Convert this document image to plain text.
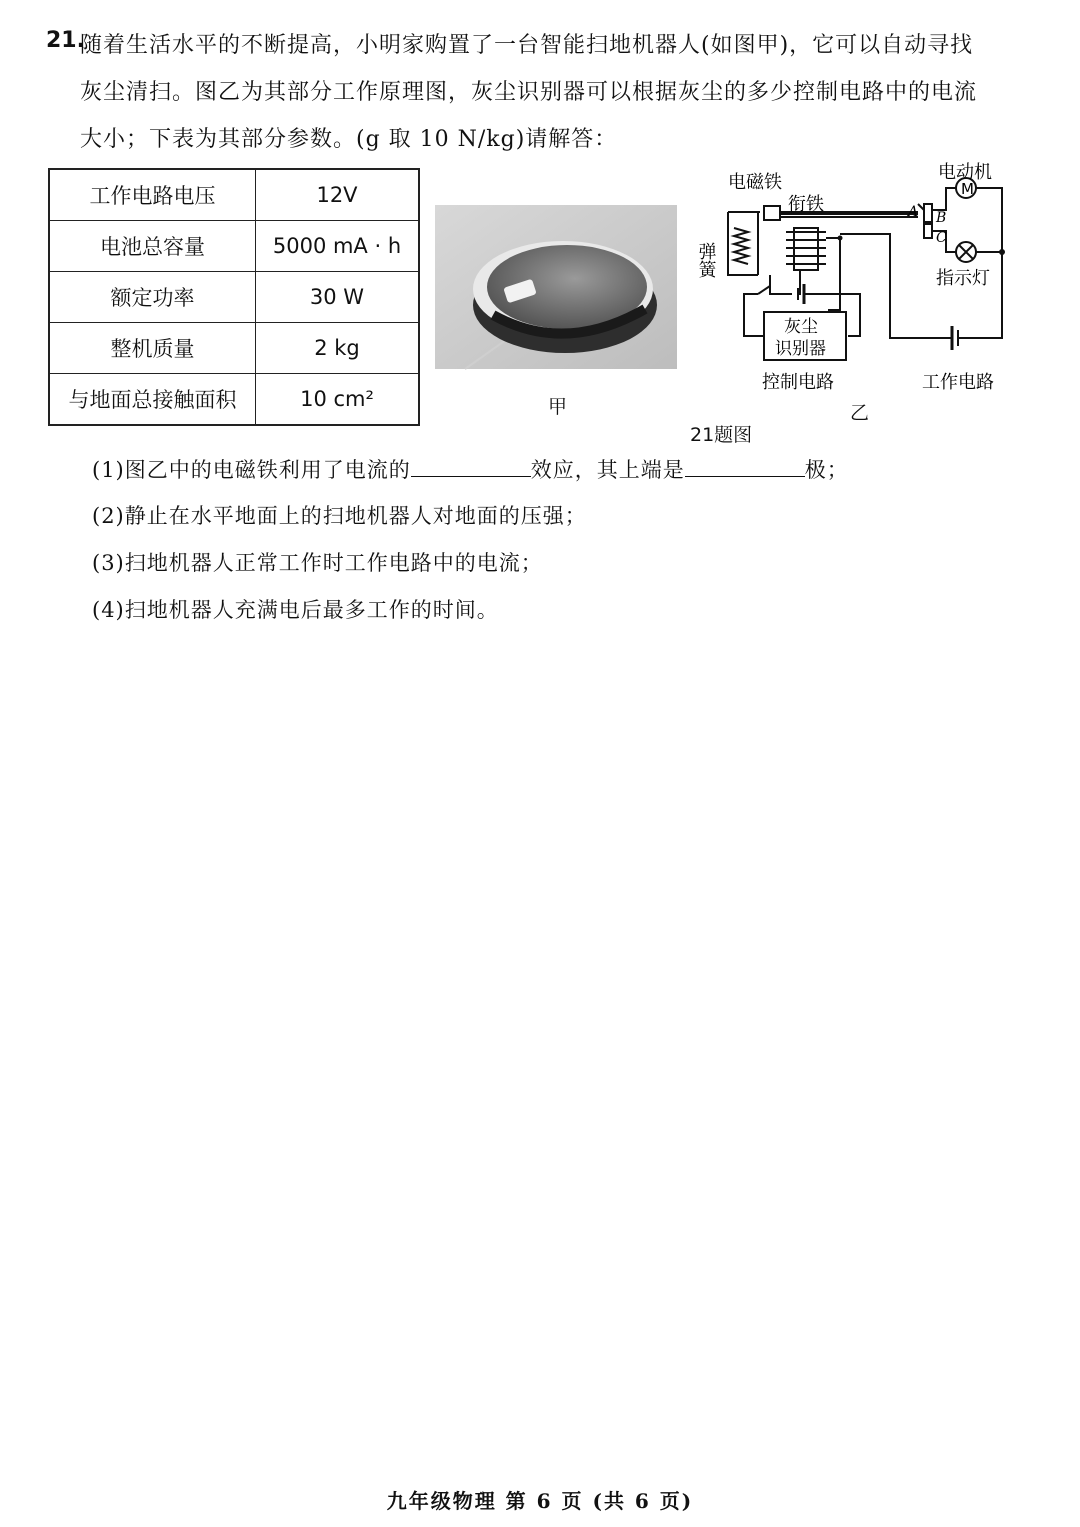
21.
随着生活水平的不断提高，小明家购置了一台智能扫地机器人(如图甲)，它可以自动寻找
灰尘清扫。图乙为其部分工作原理图，灰尘识别器可以根据灰尘的多少控制电路中的电流
大小；下表为其部分参数。(g 取 10 N/kg)请解答：
工作电路电压	12V
电池总容量	5000 mA · h
额定功率	30 W
整机质量	2 kg
与地面总接触面积	10 cm²	甲
M
电磁铁
衔铁
弹簧
电动机
指示灯
灰尘
识别器
控制电路	工作电路
A B
C
乙
21题图
(1)图乙中的电磁铁利用了电流的	效应，其上端是	极；
(2)静止在水平地面上的扫地机器人对地面的压强；
(3)扫地机器人正常工作时工作电路中的电流；
(4)扫地机器人充满电后最多工作的时间。
九年级物理 第 6 页 (共 6 页)
